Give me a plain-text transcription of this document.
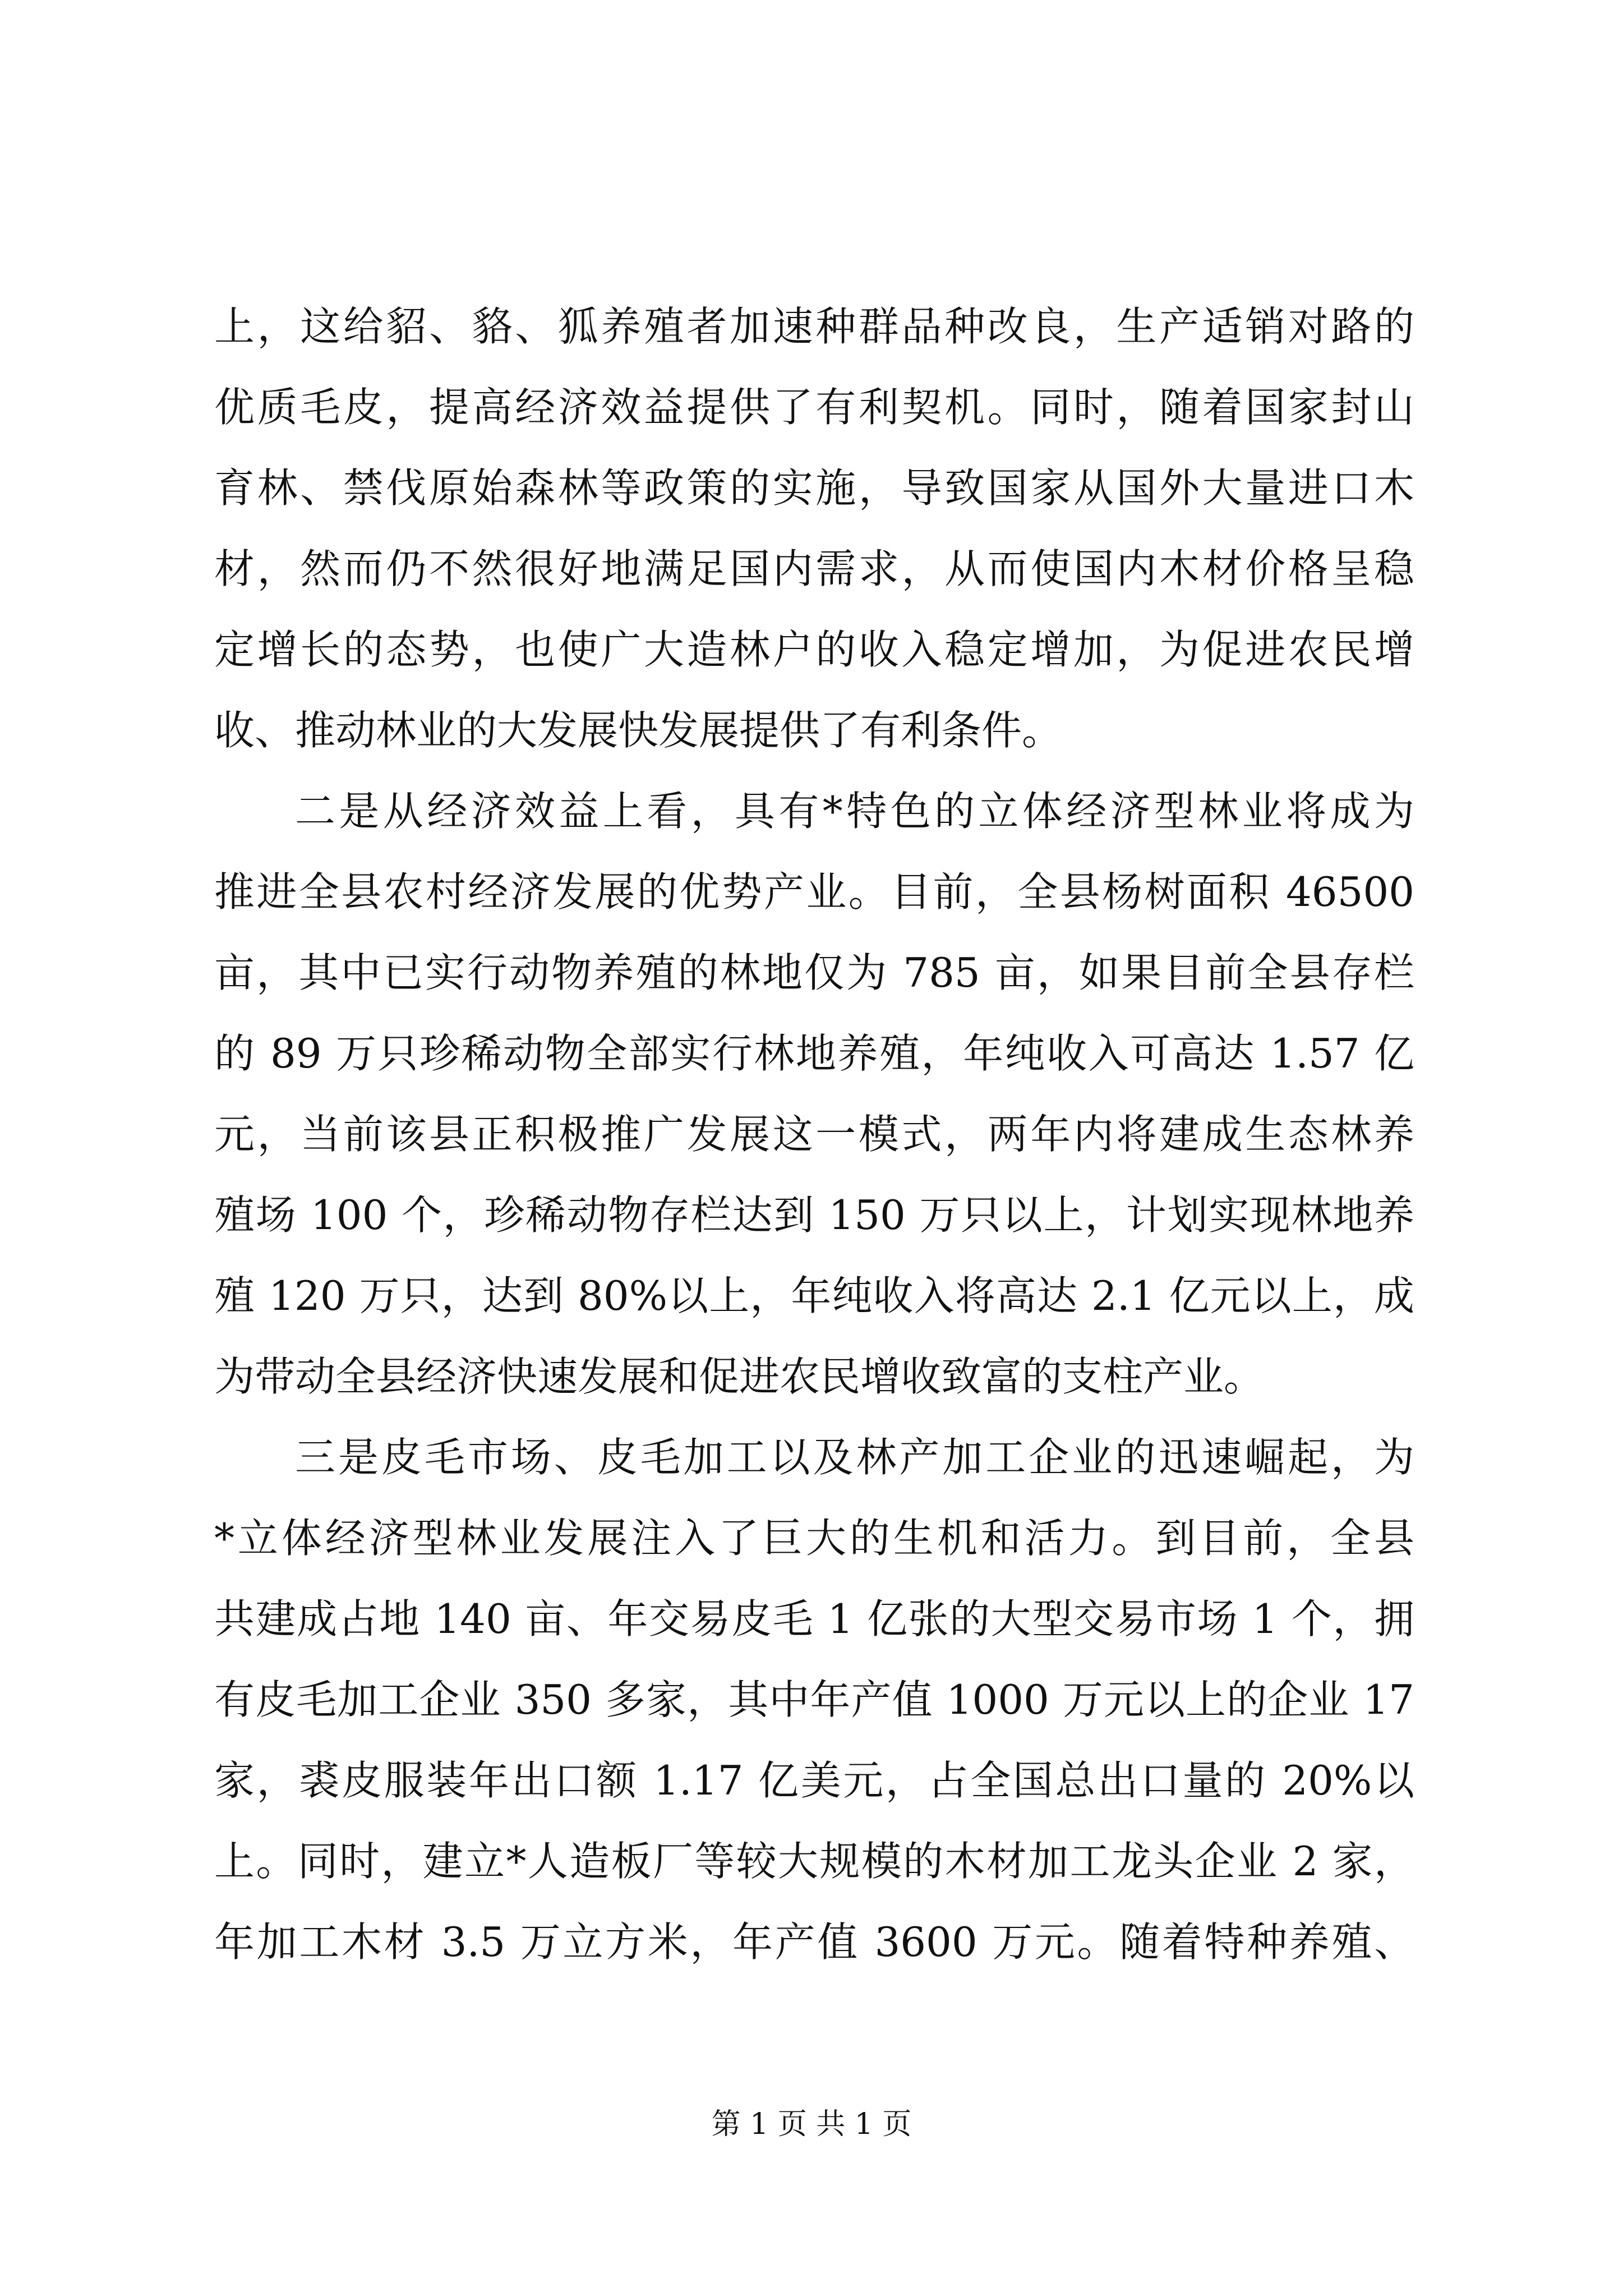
上，这给貂、貉、狐养殖者加速种群品种改良，生产适销对路的
优质毛皮，提高经济效益提供了有利契机。同时，随着国家封山
育林、禁伐原始森林等政策的实施，导致国家从国外大量进口木
材，然而仍不然很好地满足国内需求，从而使国内木材价格呈稳
定增长的态势，也使广大造林户的收入稳定增加，为促进农民增
收、推动林业的大发展快发展提供了有利条件。
二是从经济效益上看，具有*特色的立体经济型林业将成为
推进全县农村经济发展的优势产业。目前，全县杨树面积 46500
亩，其中已实行动物养殖的林地仅为 785 亩，如果目前全县存栏
的 89 万只珍稀动物全部实行林地养殖，年纯收入可高达 1.57 亿
元，当前该县正积极推广发展这一模式，两年内将建成生态林养
殖场 100 个，珍稀动物存栏达到 150 万只以上，计划实现林地养
殖 120 万只，达到 80%以上，年纯收入将高达 2.1 亿元以上，成
为带动全县经济快速发展和促进农民增收致富的支柱产业。
三是皮毛市场、皮毛加工以及林产加工企业的迅速崛起，为
*立体经济型林业发展注入了巨大的生机和活力。到目前，全县
共建成占地 140 亩、年交易皮毛 1 亿张的大型交易市场 1 个，拥
有皮毛加工企业 350 多家，其中年产值 1000 万元以上的企业 17
家，裘皮服装年出口额 1.17 亿美元，占全国总出口量的 20%以
上。同时，建立*人造板厂等较大规模的木材加工龙头企业 2 家，
年加工木材 3.5 万立方米，年产值 3600 万元。随着特种养殖、
第 1 页 共 1 页
